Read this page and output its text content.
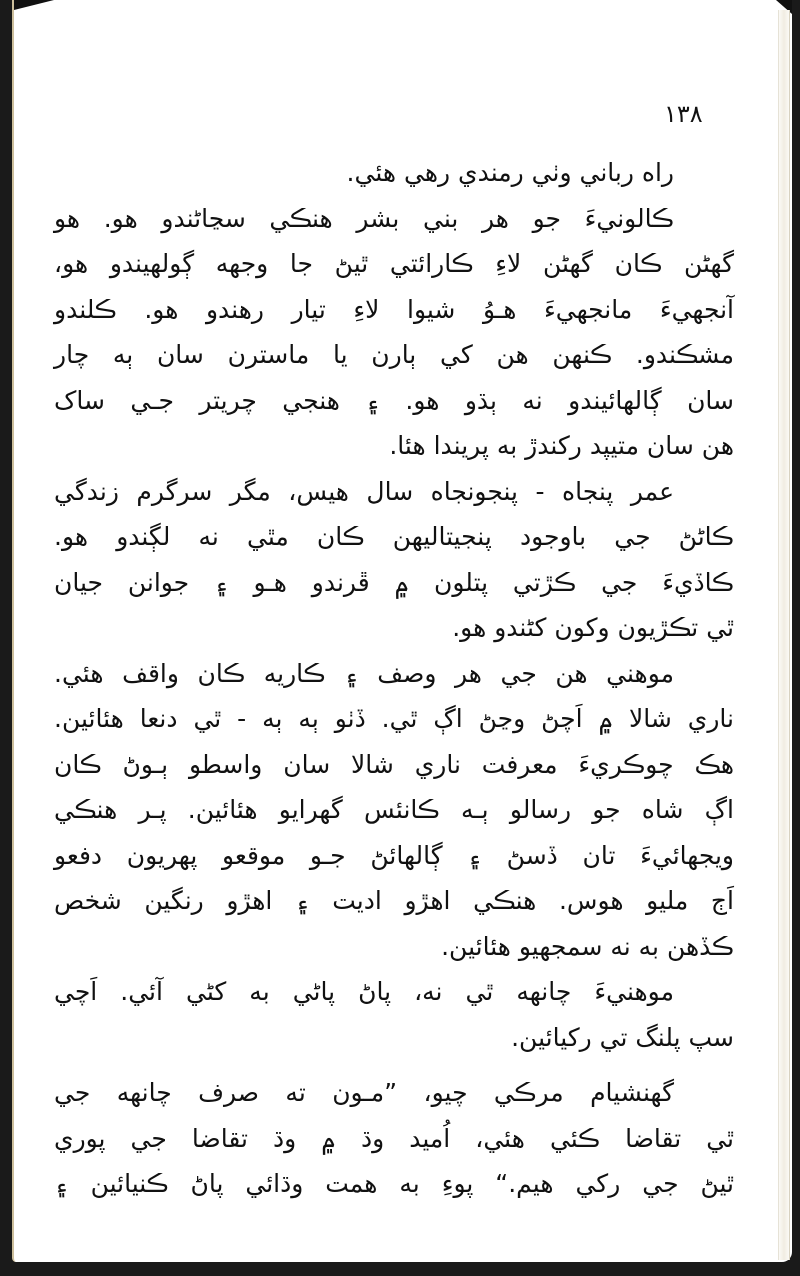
١٣٨
راه رباني وٺي رمندي رهي هئي.
ڪالونيءَ جو هر بني بشر هنڪي سڃاڻندو هو. هو
گهڻن ڪان گهڻن لاءِ ڪارائتي ٿيڻ جا وجهه ڳولهيندو هو،
آنجهيءَ مانجهيءَ هـوُ شيوا لاءِ تيار رهندو هو. ڪلندو
مشڪندو. ڪنهن هن کي ٻارن يا ماسترن سان ٻه چار
سان ڳالهائيندو نه ٻڌو هو. ۽ هنجي چريتر جـي ساک
هن سان متيپد رکندڙ به پريندا هئا.
عمر پنجاه - پنجونجاه سال هيس، مگر سرگرم زندگي
ڪاڻڻ جي باوجود پنجيتاليهن ڪان مٿي نه لڳندو هو.
ڪاڏيءَ جي ڪڙتي پتلون ۾ ڦرندو هـو ۽ جوانن جيان
ٿي تڪڙيون وکون کڻندو هو.
موهني هن جي هر وصف ۽ ڪاريه ڪان واقف هئي.
ناري شالا ۾ اَچڻ وڃڻ اڳ ٿي. ڏٺو ٻه ٻه - ٿي دنعا هئائين.
هڪ چوڪريءَ معرفت ناري شالا سان واسطو ٻـوڻ ڪان
اڳ شاه جو رسالو ٻـه ڪانئس گهرايو هئائين. پـر هنڪي
ويجهائيءَ تان ڏسڻ ۽ ڳالهائڻ جـو موقعو پهريون دفعو
اَڄ مليو هوس. هنڪي اهڙو اديت ۽ اهڙو رنگين شخص
ڪڏهن به نه سمجهيو هئائين.
موهنيءَ چانهه ٿي نه، پاڻ پاڻي به کڻي آئي. اَچي
سپ پلنگ تي رکيائين.
گهنشيام مرڪي چيو، ”مـون ته صرف چانهه جي
ٿي تقاضا ڪئي هئي، اُميد وڌ ۾ وڌ تقاضا جي پوري
ٿيڻ جي رکي هيم.“ پوءِ به همت وڌائي پاڻ ڪنيائين ۽
